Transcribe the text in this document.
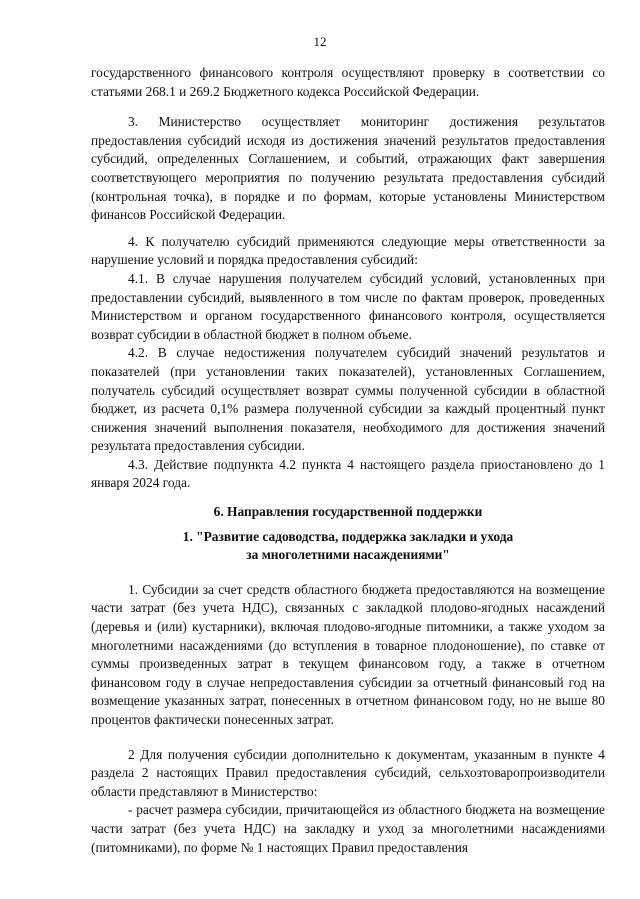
12

государственного финансового контроля осуществляют проверку в соответствии со статьями 268.1 и 269.2 Бюджетного кодекса Российской Федерации.

3. Министерство осуществляет мониторинг достижения результатов предоставления субсидий исходя из достижения значений результатов предоставления субсидий, определенных Соглашением, и событий, отражающих факт завершения соответствующего мероприятия по получению результата предоставления субсидий (контрольная точка), в порядке и по формам, которые установлены Министерством финансов Российской Федерации.

4. К получателю субсидий применяются следующие меры ответственности за нарушение условий и порядка предоставления субсидий:

4.1. В случае нарушения получателем субсидий условий, установленных при предоставлении субсидий, выявленного в том числе по фактам проверок, проведенных Министерством и органом государственного финансового контроля, осуществляется возврат субсидии в областной бюджет в полном объеме.

4.2. В случае недостижения получателем субсидий значений результатов и показателей (при установлении таких показателей), установленных Соглашением, получатель субсидий осуществляет возврат суммы полученной субсидии в областной бюджет, из расчета 0,1% размера полученной субсидии за каждый процентный пункт снижения значений выполнения показателя, необходимого для достижения значений результата предоставления субсидии.

4.3. Действие подпункта 4.2 пункта 4 настоящего раздела приостановлено до 1 января 2024 года.

6. Направления государственной поддержки

1. "Развитие садоводства, поддержка закладки и ухода

за многолетними насаждениями"

1. Субсидии за счет средств областного бюджета предоставляются на возмещение части затрат (без учета НДС), связанных с закладкой плодово-ягодных насаждений (деревья и (или) кустарники), включая плодово-ягодные питомники, а также уходом за многолетними насаждениями (до вступления в товарное плодоношение), по ставке от суммы произведенных затрат в текущем финансовом году, а также в отчетном финансовом году в случае непредоставления субсидии за отчетный финансовый год на возмещение указанных затрат, понесенных в отчетном финансовом году, но не выше 80 процентов фактически понесенных затрат.

2 Для получения субсидии дополнительно к документам, указанным в пункте 4 раздела 2 настоящих Правил предоставления субсидий, сельхозтоваропроизводители области представляют в Министерство:

- расчет размера субсидии, причитающейся из областного бюджета на возмещение части затрат (без учета НДС) на закладку и уход за многолетними насаждениями (питомниками), по форме № 1 настоящих Правил предоставления
